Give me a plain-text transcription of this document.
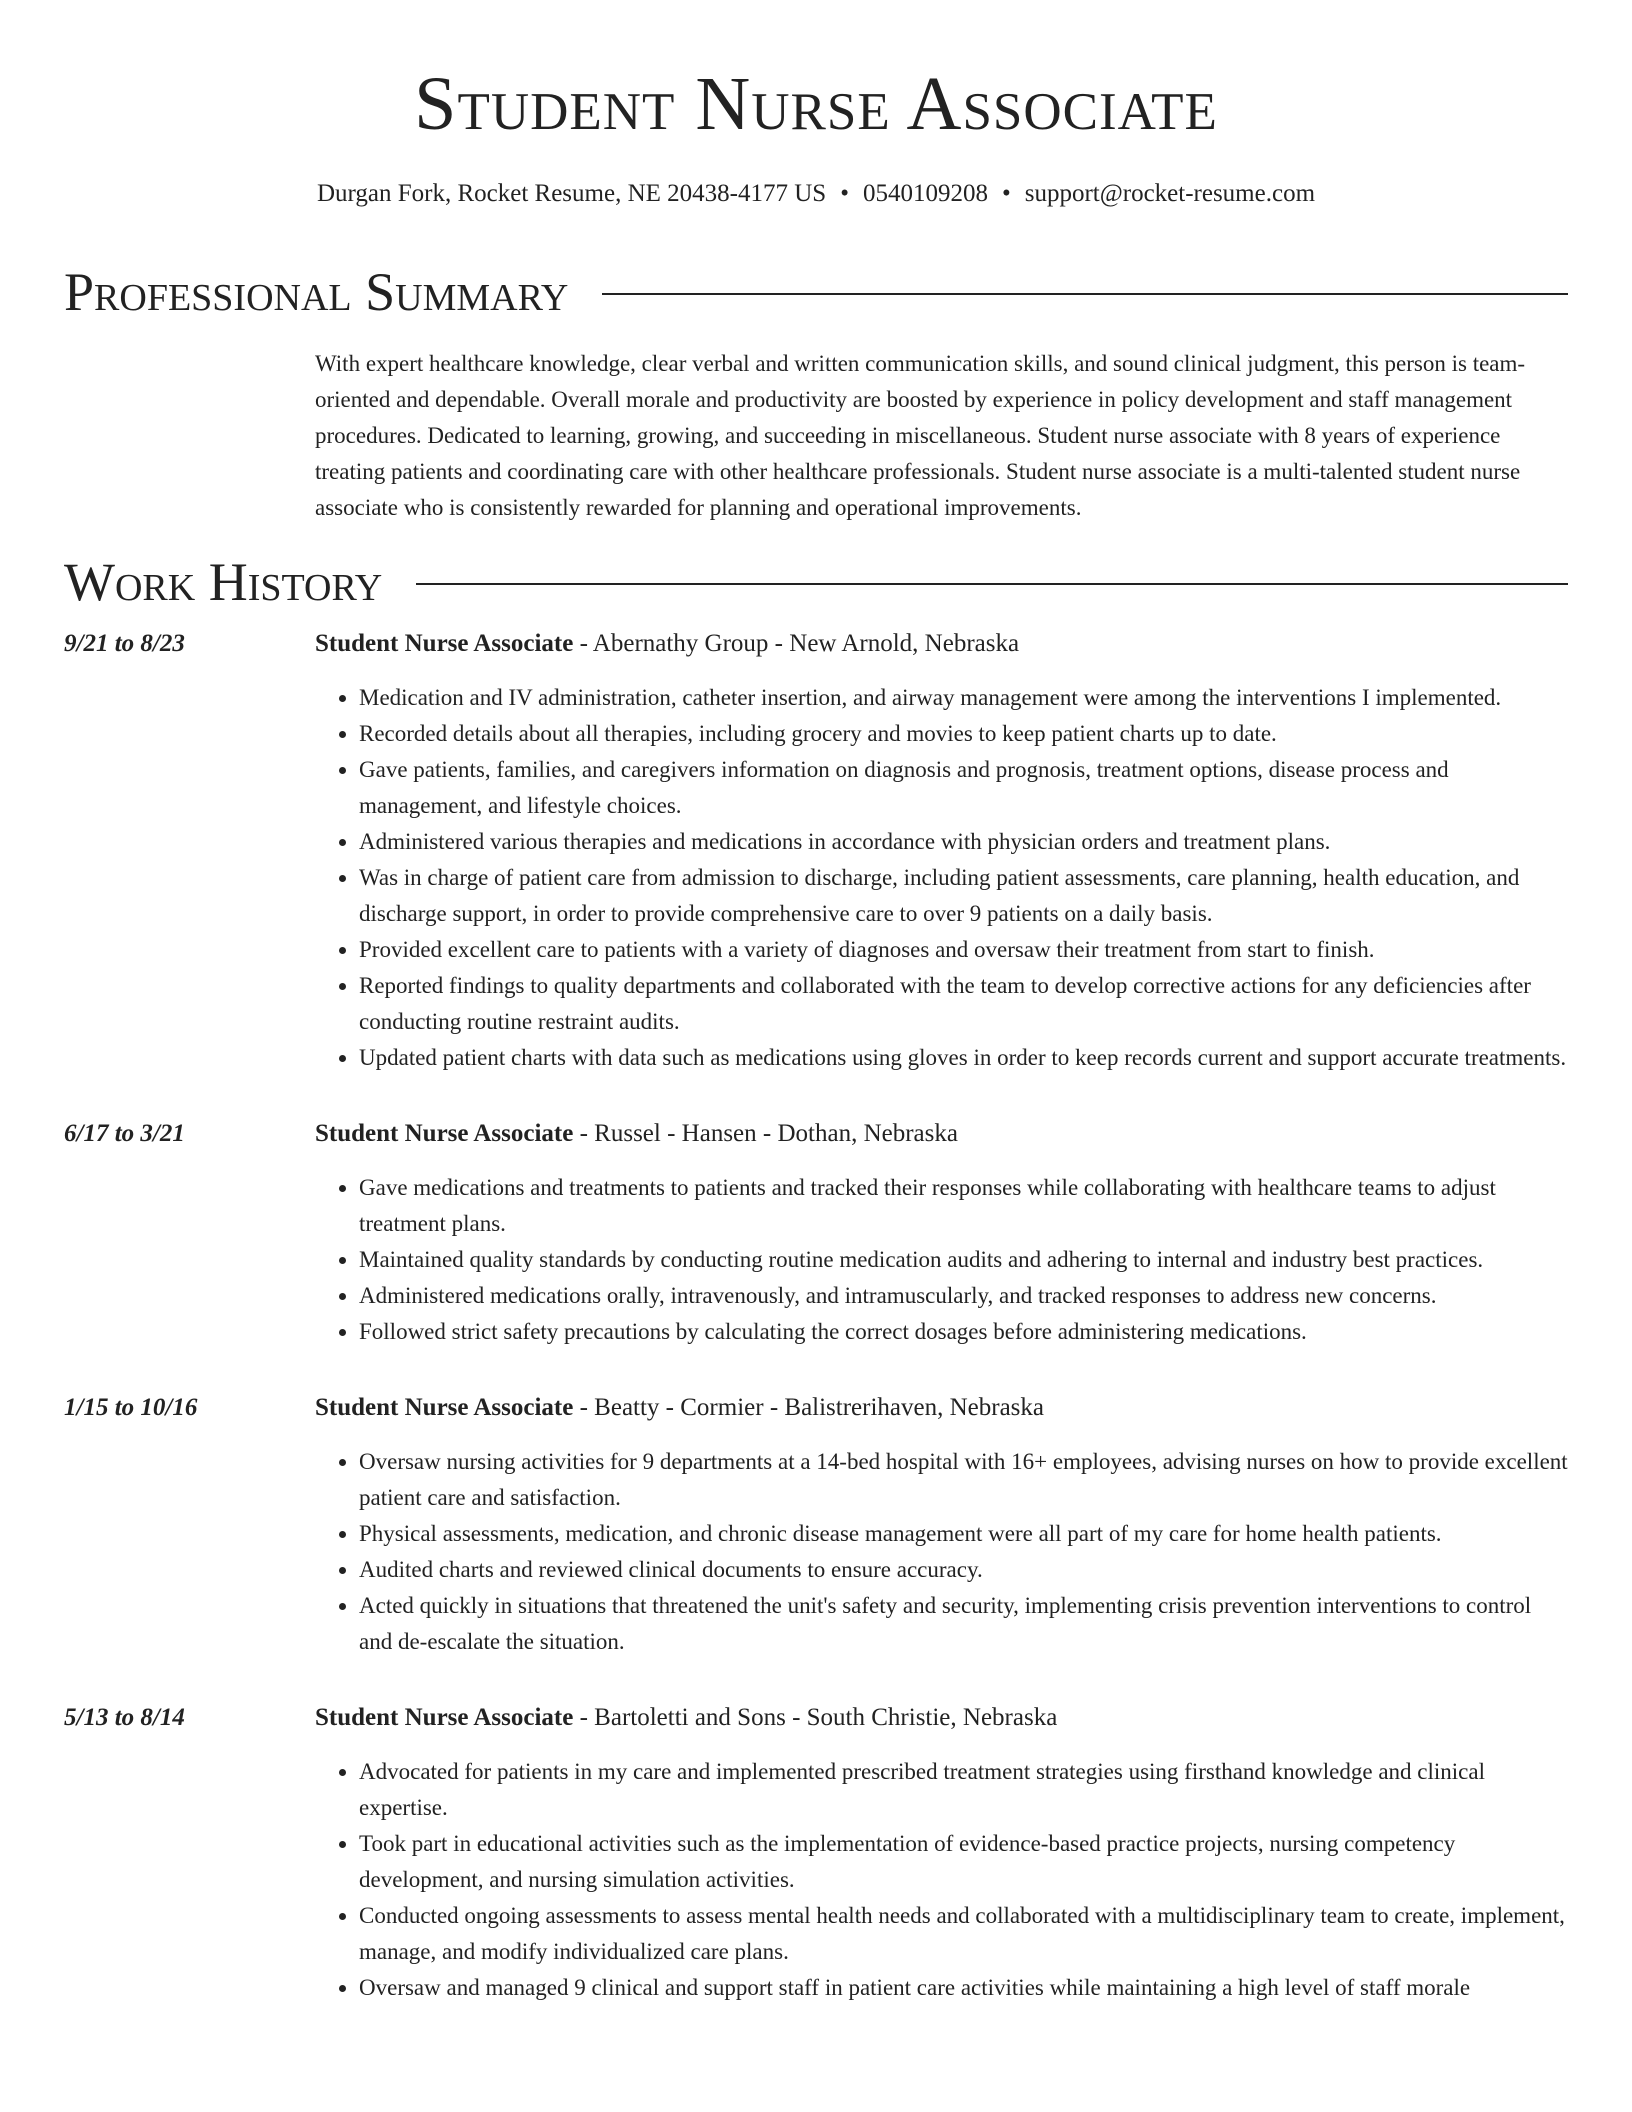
Student Nurse Associate
Durgan Fork, Rocket Resume, NE 20438-4177 US • 0540109208 • support@rocket-resume.com
Professional Summary
With expert healthcare knowledge, clear verbal and written communication skills, and sound clinical judgment, this person is team-oriented and dependable. Overall morale and productivity are boosted by experience in policy development and staff management procedures. Dedicated to learning, growing, and succeeding in miscellaneous. Student nurse associate with 8 years of experience treating patients and coordinating care with other healthcare professionals. Student nurse associate is a multi-talented student nurse associate who is consistently rewarded for planning and operational improvements.
Work History
9/21 to 8/23	Student Nurse Associate - Abernathy Group - New Arnold, Nebraska
• Medication and IV administration, catheter insertion, and airway management were among the interventions I implemented.
• Recorded details about all therapies, including grocery and movies to keep patient charts up to date.
• Gave patients, families, and caregivers information on diagnosis and prognosis, treatment options, disease process and management, and lifestyle choices.
• Administered various therapies and medications in accordance with physician orders and treatment plans.
• Was in charge of patient care from admission to discharge, including patient assessments, care planning, health education, and discharge support, in order to provide comprehensive care to over 9 patients on a daily basis.
• Provided excellent care to patients with a variety of diagnoses and oversaw their treatment from start to finish.
• Reported findings to quality departments and collaborated with the team to develop corrective actions for any deficiencies after conducting routine restraint audits.
• Updated patient charts with data such as medications using gloves in order to keep records current and support accurate treatments.
6/17 to 3/21	Student Nurse Associate - Russel - Hansen - Dothan, Nebraska
• Gave medications and treatments to patients and tracked their responses while collaborating with healthcare teams to adjust treatment plans.
• Maintained quality standards by conducting routine medication audits and adhering to internal and industry best practices.
• Administered medications orally, intravenously, and intramuscularly, and tracked responses to address new concerns.
• Followed strict safety precautions by calculating the correct dosages before administering medications.
1/15 to 10/16	Student Nurse Associate - Beatty - Cormier - Balistrerihaven, Nebraska
• Oversaw nursing activities for 9 departments at a 14-bed hospital with 16+ employees, advising nurses on how to provide excellent patient care and satisfaction.
• Physical assessments, medication, and chronic disease management were all part of my care for home health patients.
• Audited charts and reviewed clinical documents to ensure accuracy.
• Acted quickly in situations that threatened the unit's safety and security, implementing crisis prevention interventions to control and de-escalate the situation.
5/13 to 8/14	Student Nurse Associate - Bartoletti and Sons - South Christie, Nebraska
• Advocated for patients in my care and implemented prescribed treatment strategies using firsthand knowledge and clinical expertise.
• Took part in educational activities such as the implementation of evidence-based practice projects, nursing competency development, and nursing simulation activities.
• Conducted ongoing assessments to assess mental health needs and collaborated with a multidisciplinary team to create, implement, manage, and modify individualized care plans.
• Oversaw and managed 9 clinical and support staff in patient care activities while maintaining a high level of staff morale
